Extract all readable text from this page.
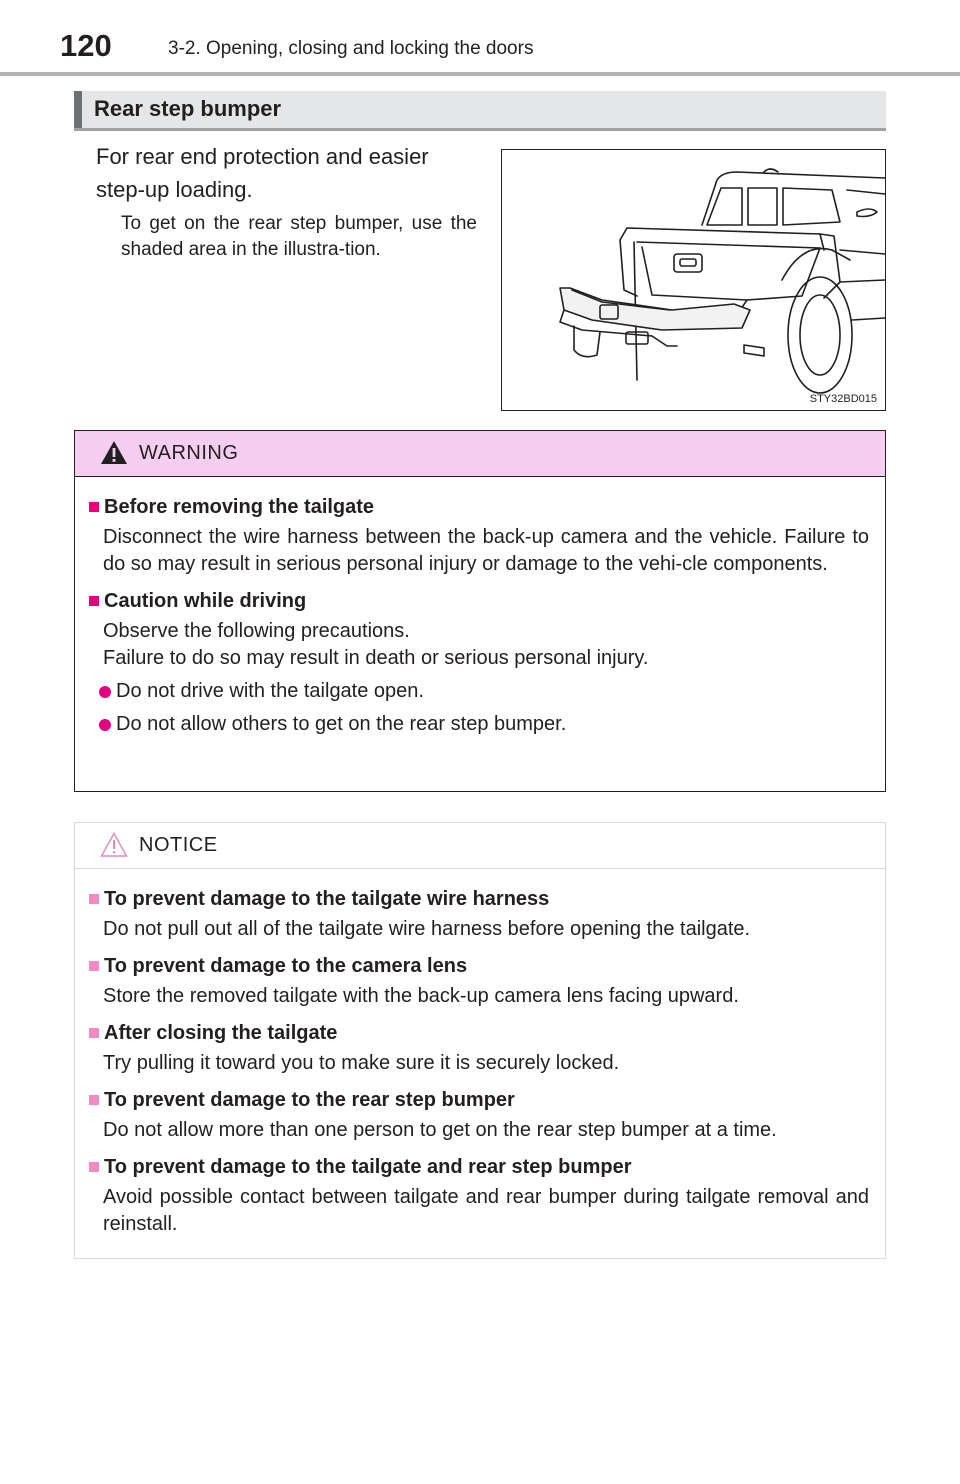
120	3-2. Opening, closing and locking the doors
Rear step bumper
For rear end protection and easier step-up loading.
To get on the rear step bumper, use the shaded area in the illustra-tion.
STY32BD015
WARNING
Before removing the tailgate
Disconnect the wire harness between the back-up camera and the vehicle. Failure to do so may result in serious personal injury or damage to the vehi-cle components.
Caution while driving
Observe the following precautions.
Failure to do so may result in death or serious personal injury.
Do not drive with the tailgate open.
Do not allow others to get on the rear step bumper.
NOTICE
To prevent damage to the tailgate wire harness
Do not pull out all of the tailgate wire harness before opening the tailgate.
To prevent damage to the camera lens
Store the removed tailgate with the back-up camera lens facing upward.
After closing the tailgate
Try pulling it toward you to make sure it is securely locked.
To prevent damage to the rear step bumper
Do not allow more than one person to get on the rear step bumper at a time.
To prevent damage to the tailgate and rear step bumper
Avoid possible contact between tailgate and rear bumper during tailgate removal and reinstall.
